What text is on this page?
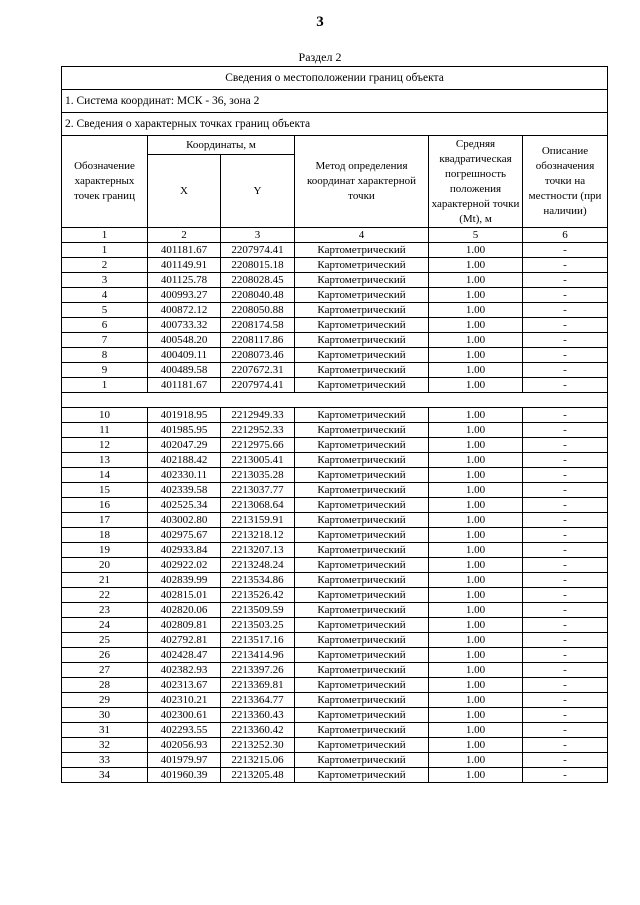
3
Раздел 2
Сведения о местоположении границ объекта					
1. Система координат: МСК - 36, зона 2					
2. Сведения о характерных точках границ объекта					
Обозначение характерных точек границ	Координаты, м		Метод определения координат характерной точки	Средняя квадратическая погрешность положения характерной точки (Mt), м	Описание обозначения точки на местности (при наличии)
	X	Y			
1	2	3	4	5	6
1	401181.67	2207974.41	Картометрический	1.00	-
2	401149.91	2208015.18	Картометрический	1.00	-
3	401125.78	2208028.45	Картометрический	1.00	-
4	400993.27	2208040.48	Картометрический	1.00	-
5	400872.12	2208050.88	Картометрический	1.00	-
6	400733.32	2208174.58	Картометрический	1.00	-
7	400548.20	2208117.86	Картометрический	1.00	-
8	400409.11	2208073.46	Картометрический	1.00	-
9	400489.58	2207672.31	Картометрический	1.00	-
1	401181.67	2207974.41	Картометрический	1.00	-

10	401918.95	2212949.33	Картометрический	1.00	-
11	401985.95	2212952.33	Картометрический	1.00	-
12	402047.29	2212975.66	Картометрический	1.00	-
13	402188.42	2213005.41	Картометрический	1.00	-
14	402330.11	2213035.28	Картометрический	1.00	-
15	402339.58	2213037.77	Картометрический	1.00	-
16	402525.34	2213068.64	Картометрический	1.00	-
17	403002.80	2213159.91	Картометрический	1.00	-
18	402975.67	2213218.12	Картометрический	1.00	-
19	402933.84	2213207.13	Картометрический	1.00	-
20	402922.02	2213248.24	Картометрический	1.00	-
21	402839.99	2213534.86	Картометрический	1.00	-
22	402815.01	2213526.42	Картометрический	1.00	-
23	402820.06	2213509.59	Картометрический	1.00	-
24	402809.81	2213503.25	Картометрический	1.00	-
25	402792.81	2213517.16	Картометрический	1.00	-
26	402428.47	2213414.96	Картометрический	1.00	-
27	402382.93	2213397.26	Картометрический	1.00	-
28	402313.67	2213369.81	Картометрический	1.00	-
29	402310.21	2213364.77	Картометрический	1.00	-
30	402300.61	2213360.43	Картометрический	1.00	-
31	402293.55	2213360.42	Картометрический	1.00	-
32	402056.93	2213252.30	Картометрический	1.00	-
33	401979.97	2213215.06	Картометрический	1.00	-
34	401960.39	2213205.48	Картометрический	1.00	-
